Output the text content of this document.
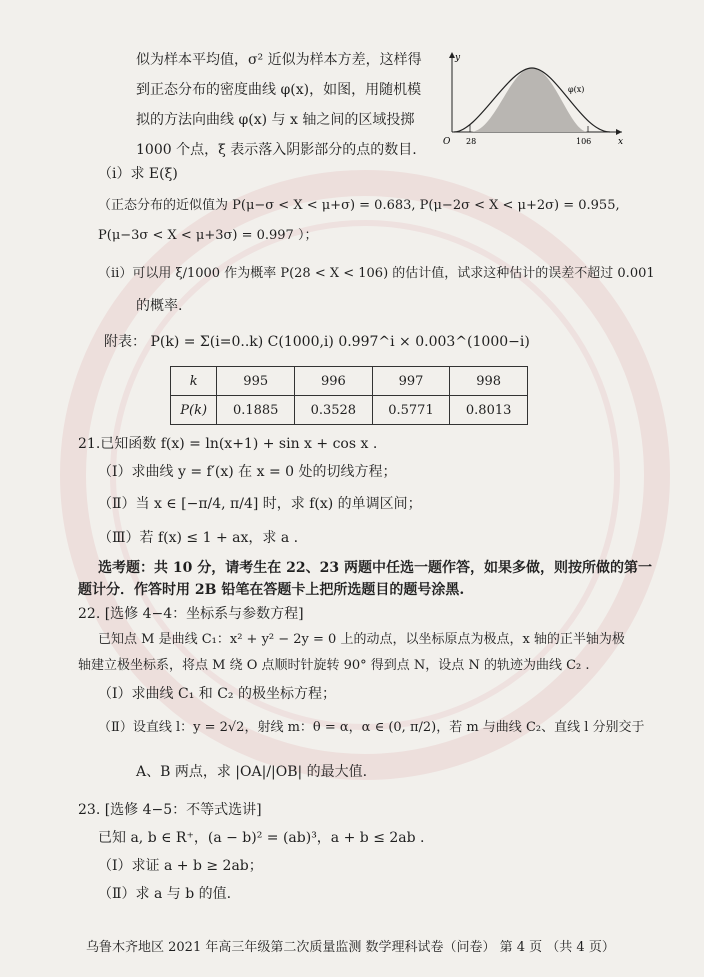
似为样本平均值，σ² 近似为样本方差，这样得
到正态分布的密度曲线 φ(x)，如图，用随机模
拟的方法向曲线 φ(x) 与 x 轴之间的区域投掷
1000 个点，ξ 表示落入阴影部分的点的数目.
y
x
O
φ(x)
28	106
（ⅰ）求 E(ξ)
（正态分布的近似值为 P(μ−σ < X < μ+σ) = 0.683, P(μ−2σ < X < μ+2σ) = 0.955,
P(μ−3σ < X < μ+3σ) = 0.997 ）；
（ⅱ）可以用 ξ/1000 作为概率 P(28 < X < 106) 的估计值，试求这种估计的误差不超过 0.001
的概率.
附表： P(k) = Σ(i=0..k) C(1000,i) 0.997^i × 0.003^(1000−i)
k	995	996	997	998
P(k)	0.1885	0.3528	0.5771	0.8013
21.已知函数 f(x) = ln(x+1) + sin x + cos x .
（Ⅰ）求曲线 y = f′(x) 在 x = 0 处的切线方程；
（Ⅱ）当 x ∈ [−π/4, π/4] 时，求 f(x) 的单调区间；
（Ⅲ）若 f(x) ≤ 1 + ax，求 a .
选考题：共 10 分，请考生在 22、23 两题中任选一题作答，如果多做，则按所做的第一
题计分．作答时用 2B 铅笔在答题卡上把所选题目的题号涂黑.
22. [选修 4−4：坐标系与参数方程]
已知点 M 是曲线 C₁：x² + y² − 2y = 0 上的动点，以坐标原点为极点，x 轴的正半轴为极
轴建立极坐标系，将点 M 绕 O 点顺时针旋转 90° 得到点 N，设点 N 的轨迹为曲线 C₂ .
（Ⅰ）求曲线 C₁ 和 C₂ 的极坐标方程；
（Ⅱ）设直线 l：y = 2√2，射线 m：θ = α，α ∈ (0, π/2)，若 m 与曲线 C₂、直线 l 分别交于
A、B 两点，求 |OA|/|OB| 的最大值.
23. [选修 4−5：不等式选讲]
已知 a, b ∈ R⁺，(a − b)² = (ab)³，a + b ≤ 2ab .
（Ⅰ）求证 a + b ≥ 2ab；
（Ⅱ）求 a 与 b 的值.
乌鲁木齐地区 2021 年高三年级第二次质量监测 数学理科试卷（问卷） 第 4 页 （共 4 页）
